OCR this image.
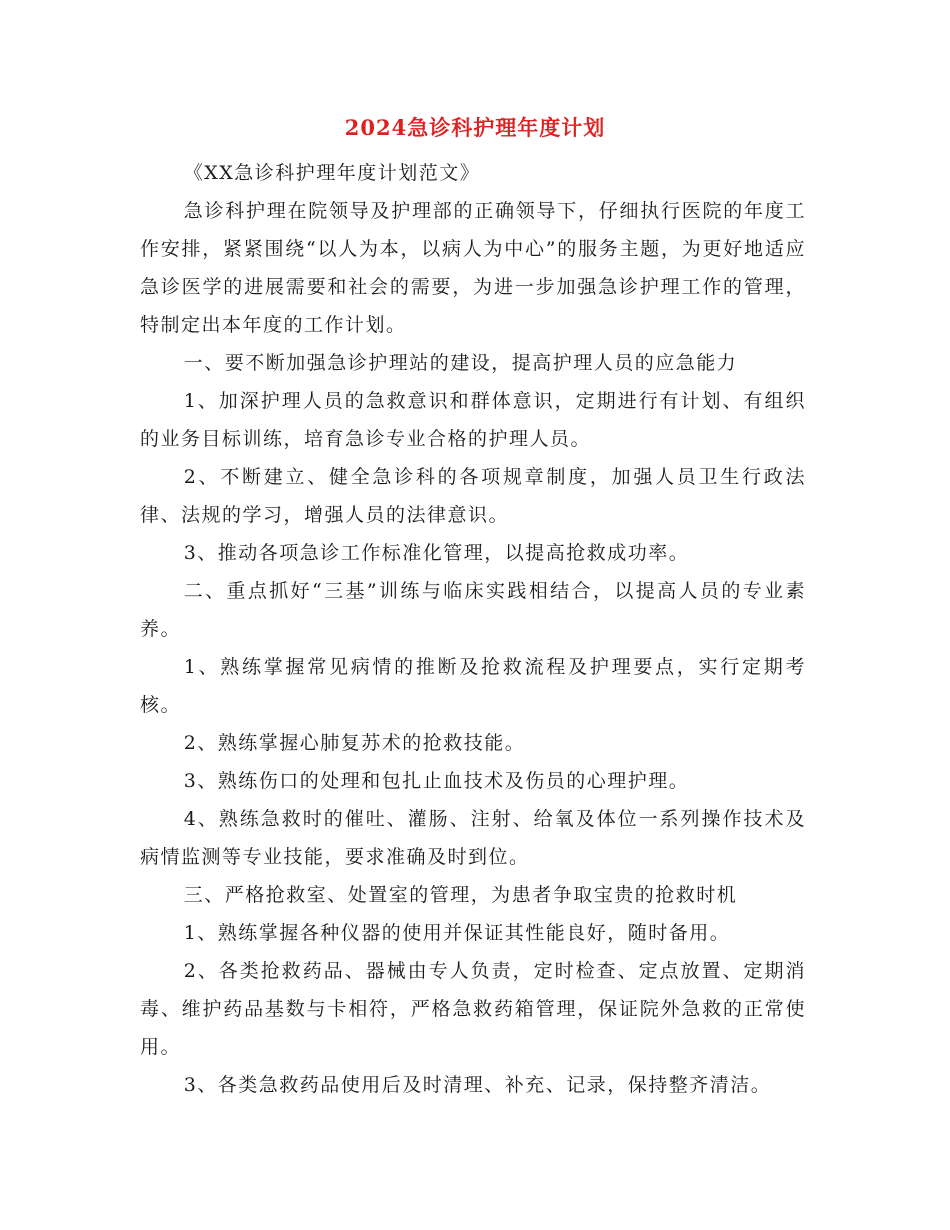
2024急诊科护理年度计划

《XX急诊科护理年度计划范文》

急诊科护理在院领导及护理部的正确领导下，仔细执行医院的年度工作安排，紧紧围绕“以人为本，以病人为中心”的服务主题，为更好地适应急诊医学的进展需要和社会的需要，为进一步加强急诊护理工作的管理，特制定出本年度的工作计划。

一、要不断加强急诊护理站的建设，提高护理人员的应急能力

1、加深护理人员的急救意识和群体意识，定期进行有计划、有组织的业务目标训练，培育急诊专业合格的护理人员。

2、不断建立、健全急诊科的各项规章制度，加强人员卫生行政法律、法规的学习，增强人员的法律意识。

3、推动各项急诊工作标准化管理，以提高抢救成功率。

二、重点抓好“三基”训练与临床实践相结合，以提高人员的专业素养。

1、熟练掌握常见病情的推断及抢救流程及护理要点，实行定期考核。

2、熟练掌握心肺复苏术的抢救技能。

3、熟练伤口的处理和包扎止血技术及伤员的心理护理。

4、熟练急救时的催吐、灌肠、注射、给氧及体位一系列操作技术及病情监测等专业技能，要求准确及时到位。

三、严格抢救室、处置室的管理，为患者争取宝贵的抢救时机

1、熟练掌握各种仪器的使用并保证其性能良好，随时备用。

2、各类抢救药品、器械由专人负责，定时检查、定点放置、定期消毒、维护药品基数与卡相符，严格急救药箱管理，保证院外急救的正常使用。

3、各类急救药品使用后及时清理、补充、记录，保持整齐清洁。
